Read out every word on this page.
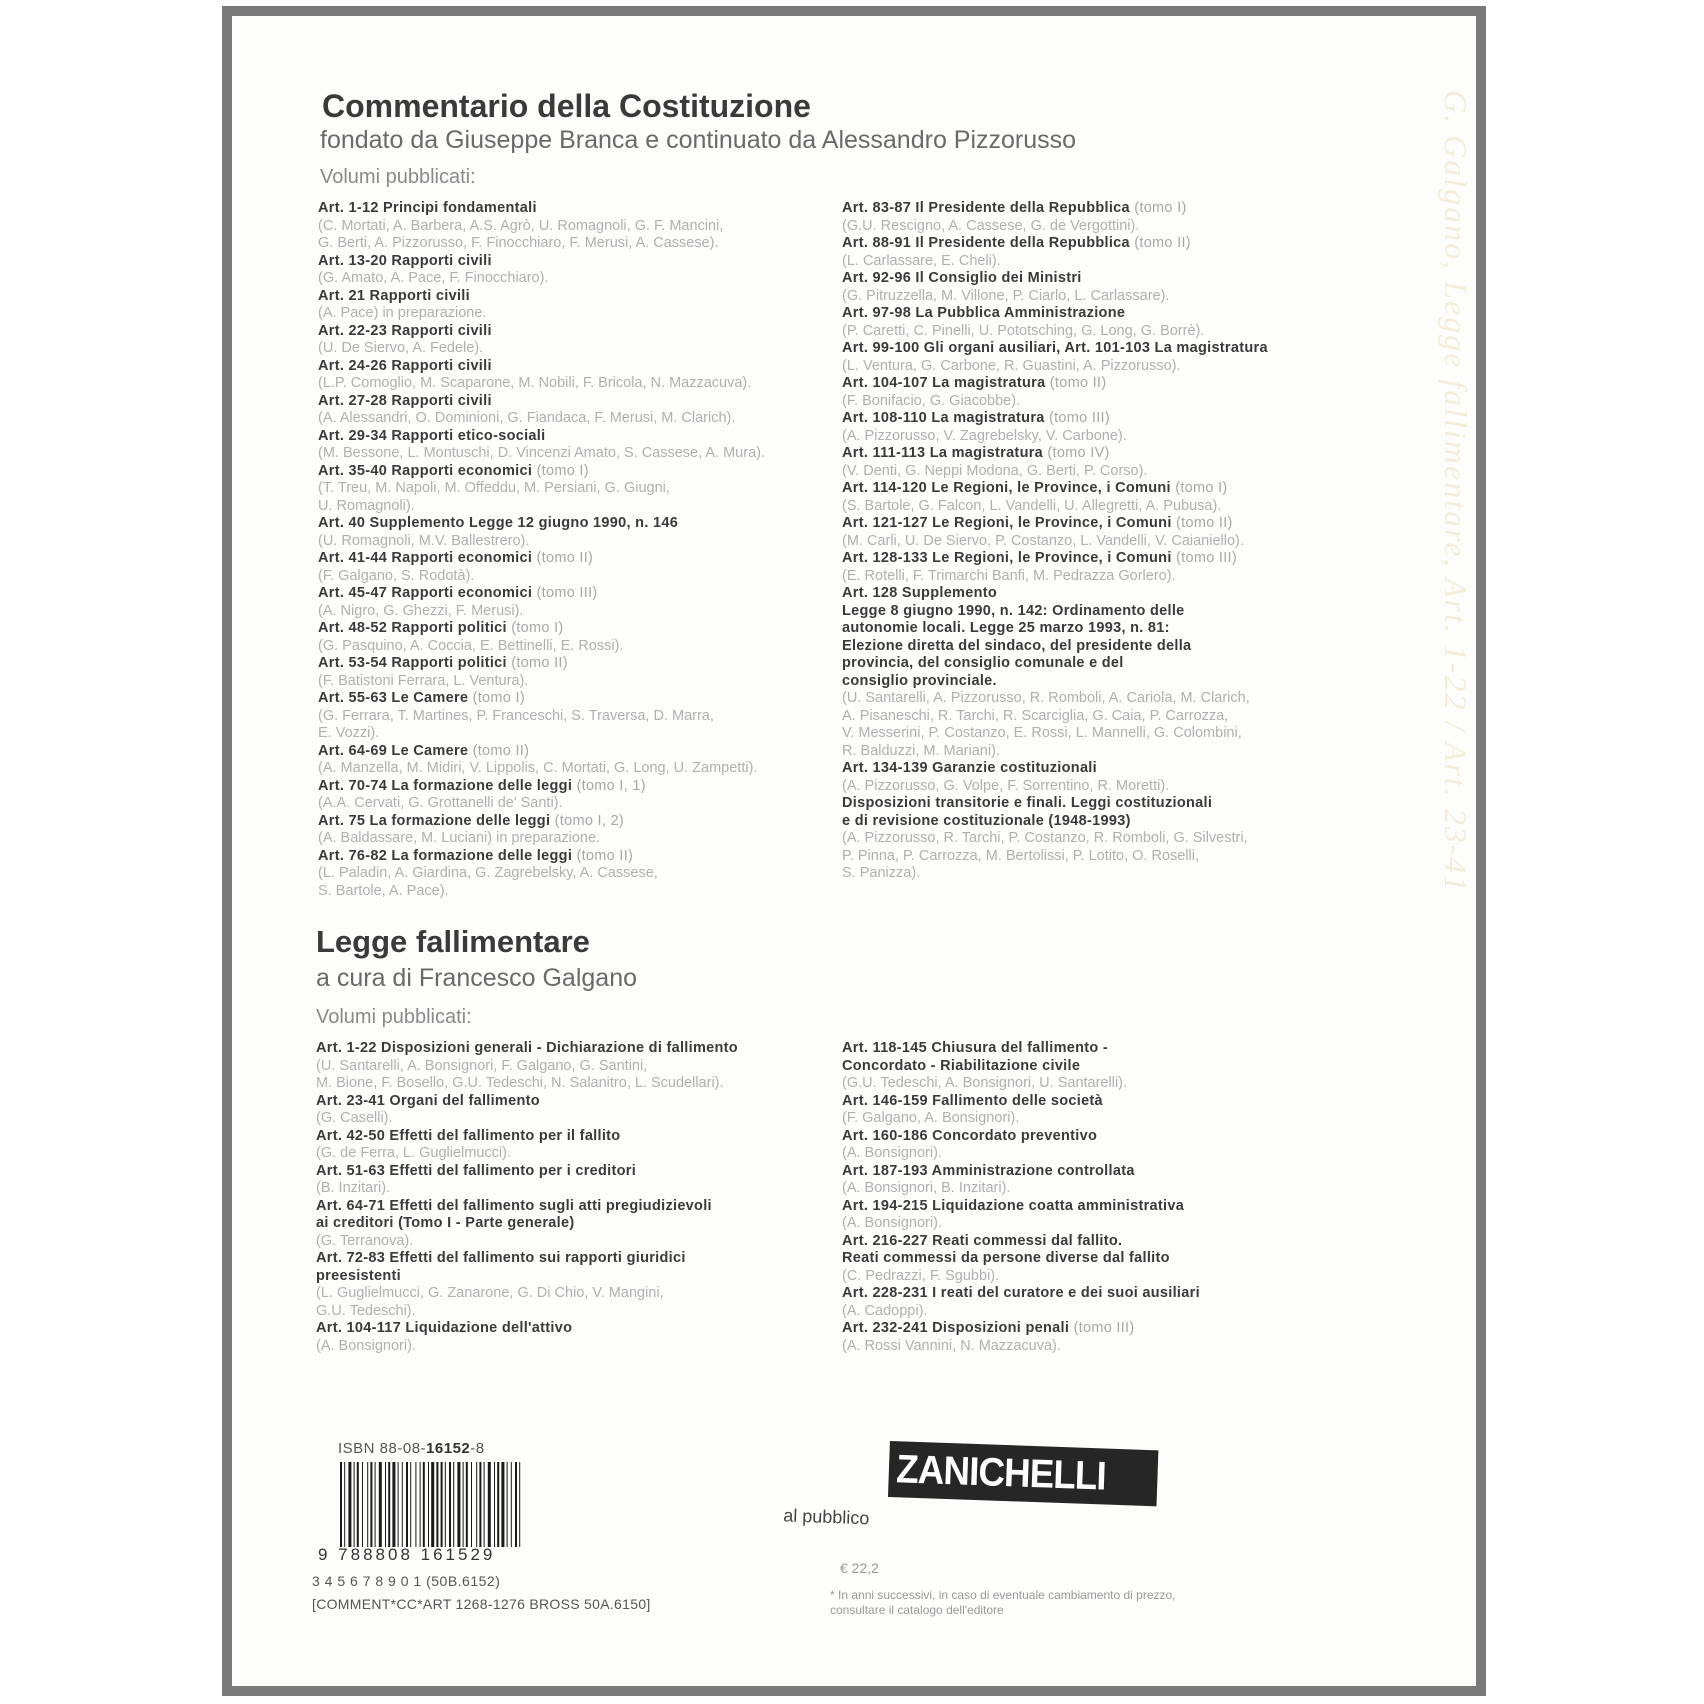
G. Galgano, Legge fallimentare, Art. 1-22 / Art. 23-41
Commentario della Costituzione
fondato da Giuseppe Branca e continuato da Alessandro Pizzorusso
Volumi pubblicati:
Art. 1-12 Principi fondamentali
(C. Mortati, A. Barbera, A.S. Agrò, U. Romagnoli, G. F. Mancini,
G. Berti, A. Pizzorusso, F. Finocchiaro, F. Merusi, A. Cassese).
Art. 13-20 Rapporti civili
(G. Amato, A. Pace, F. Finocchiaro).
Art. 21 Rapporti civili
(A. Pace) in preparazione.
Art. 22-23 Rapporti civili
(U. De Siervo, A. Fedele).
Art. 24-26 Rapporti civili
(L.P. Comoglio, M. Scaparone, M. Nobili, F. Bricola, N. Mazzacuva).
Art. 27-28 Rapporti civili
(A. Alessandri, O. Dominioni, G. Fiandaca, F. Merusi, M. Clarich).
Art. 29-34 Rapporti etico-sociali
(M. Bessone, L. Montuschi, D. Vincenzi Amato, S. Cassese, A. Mura).
Art. 35-40 Rapporti economici (tomo I)
(T. Treu, M. Napoli, M. Offeddu, M. Persiani, G. Giugni,
U. Romagnoli).
Art. 40 Supplemento Legge 12 giugno 1990, n. 146
(U. Romagnoli, M.V. Ballestrero).
Art. 41-44 Rapporti economici (tomo II)
(F. Galgano, S. Rodotà).
Art. 45-47 Rapporti economici (tomo III)
(A. Nigro, G. Ghezzi, F. Merusi).
Art. 48-52 Rapporti politici (tomo I)
(G. Pasquino, A. Coccia, E. Bettinelli, E. Rossi).
Art. 53-54 Rapporti politici (tomo II)
(F. Batistoni Ferrara, L. Ventura).
Art. 55-63 Le Camere (tomo I)
(G. Ferrara, T. Martines, P. Franceschi, S. Traversa, D. Marra,
E. Vozzi).
Art. 64-69 Le Camere (tomo II)
(A. Manzella, M. Midiri, V. Lippolis, C. Mortati, G. Long, U. Zampetti).
Art. 70-74 La formazione delle leggi (tomo I, 1)
(A.A. Cervati, G. Grottanelli de' Santi).
Art. 75 La formazione delle leggi (tomo I, 2)
(A. Baldassare, M. Luciani) in preparazione.
Art. 76-82 La formazione delle leggi (tomo II)
(L. Paladin, A. Giardina, G. Zagrebelsky, A. Cassese,
S. Bartole, A. Pace).
Art. 83-87 Il Presidente della Repubblica (tomo I)
(G.U. Rescigno, A. Cassese, G. de Vergottini).
Art. 88-91 Il Presidente della Repubblica (tomo II)
(L. Carlassare, E. Cheli).
Art. 92-96 Il Consiglio dei Ministri
(G. Pitruzzella, M. Villone, P. Ciarlo, L. Carlassare).
Art. 97-98 La Pubblica Amministrazione
(P. Caretti, C. Pinelli, U. Pototsching, G. Long, G. Borrè).
Art. 99-100 Gli organi ausiliari, Art. 101-103 La magistratura
(L. Ventura, G. Carbone, R. Guastini, A. Pizzorusso).
Art. 104-107 La magistratura (tomo II)
(F. Bonifacio, G. Giacobbe).
Art. 108-110 La magistratura (tomo III)
(A. Pizzorusso, V. Zagrebelsky, V. Carbone).
Art. 111-113 La magistratura (tomo IV)
(V. Denti, G. Neppi Modona, G. Berti, P. Corso).
Art. 114-120 Le Regioni, le Province, i Comuni (tomo I)
(S. Bartole, G. Falcon, L. Vandelli, U. Allegretti, A. Pubusa).
Art. 121-127 Le Regioni, le Province, i Comuni (tomo II)
(M. Carli, U. De Siervo, P. Costanzo, L. Vandelli, V. Caianiello).
Art. 128-133 Le Regioni, le Province, i Comuni (tomo III)
(E. Rotelli, F. Trimarchi Banfi, M. Pedrazza Gorlero).
Art. 128 Supplemento
Legge 8 giugno 1990, n. 142: Ordinamento delle
autonomie locali. Legge 25 marzo 1993, n. 81:
Elezione diretta del sindaco, del presidente della
provincia, del consiglio comunale e del
consiglio provinciale.
(U. Santarelli, A. Pizzorusso, R. Romboli, A. Cariola, M. Clarich,
A. Pisaneschi, R. Tarchi, R. Scarciglia, G. Caia, P. Carrozza,
V. Messerini, P. Costanzo, E. Rossi, L. Mannelli, G. Colombini,
R. Balduzzi, M. Mariani).
Art. 134-139 Garanzie costituzionali
(A. Pizzorusso, G. Volpe, F. Sorrentino, R. Moretti).
Disposizioni transitorie e finali. Leggi costituzionali
e di revisione costituzionale (1948-1993)
(A. Pizzorusso, R. Tarchi, P. Costanzo, R. Romboli, G. Silvestri,
P. Pinna, P. Carrozza, M. Bertolissi, P. Lotito, O. Roselli,
S. Panizza).
Legge fallimentare
a cura di Francesco Galgano
Volumi pubblicati:
Art. 1-22 Disposizioni generali - Dichiarazione di fallimento
(U. Santarelli, A. Bonsignori, F. Galgano, G. Santini,
M. Bione, F. Bosello, G.U. Tedeschi, N. Salanitro, L. Scudellari).
Art. 23-41 Organi del fallimento
(G. Caselli).
Art. 42-50 Effetti del fallimento per il fallito
(G. de Ferra, L. Guglielmucci).
Art. 51-63 Effetti del fallimento per i creditori
(B. Inzitari).
Art. 64-71 Effetti del fallimento sugli atti pregiudizievoli
ai creditori (Tomo I - Parte generale)
(G. Terranova).
Art. 72-83 Effetti del fallimento sui rapporti giuridici
preesistenti
(L. Guglielmucci, G. Zanarone, G. Di Chio, V. Mangini,
G.U. Tedeschi).
Art. 104-117 Liquidazione dell'attivo
(A. Bonsignori).
Art. 118-145 Chiusura del fallimento -
Concordato - Riabilitazione civile
(G.U. Tedeschi, A. Bonsignori, U. Santarelli).
Art. 146-159 Fallimento delle società
(F. Galgano, A. Bonsignori).
Art. 160-186 Concordato preventivo
(A. Bonsignori).
Art. 187-193 Amministrazione controllata
(A. Bonsignori, B. Inzitari).
Art. 194-215 Liquidazione coatta amministrativa
(A. Bonsignori).
Art. 216-227 Reati commessi dal fallito.
Reati commessi da persone diverse dal fallito
(C. Pedrazzi, F. Sgubbi).
Art. 228-231 I reati del curatore e dei suoi ausiliari
(A. Cadoppi).
Art. 232-241 Disposizioni penali (tomo III)
(A. Rossi Vannini, N. Mazzacuva).
ISBN 88-08-16152-8
9 788808 161529
3 4 5 6 7 8 9 0 1 (50B.6152)
[COMMENT*CC*ART 1268-1276 BROSS 50A.6150]
ZANICHELLI
al pubblico
€ 22,2
* In anni successivi, in caso di eventuale cambiamento di prezzo,
consultare il catalogo dell'editore
